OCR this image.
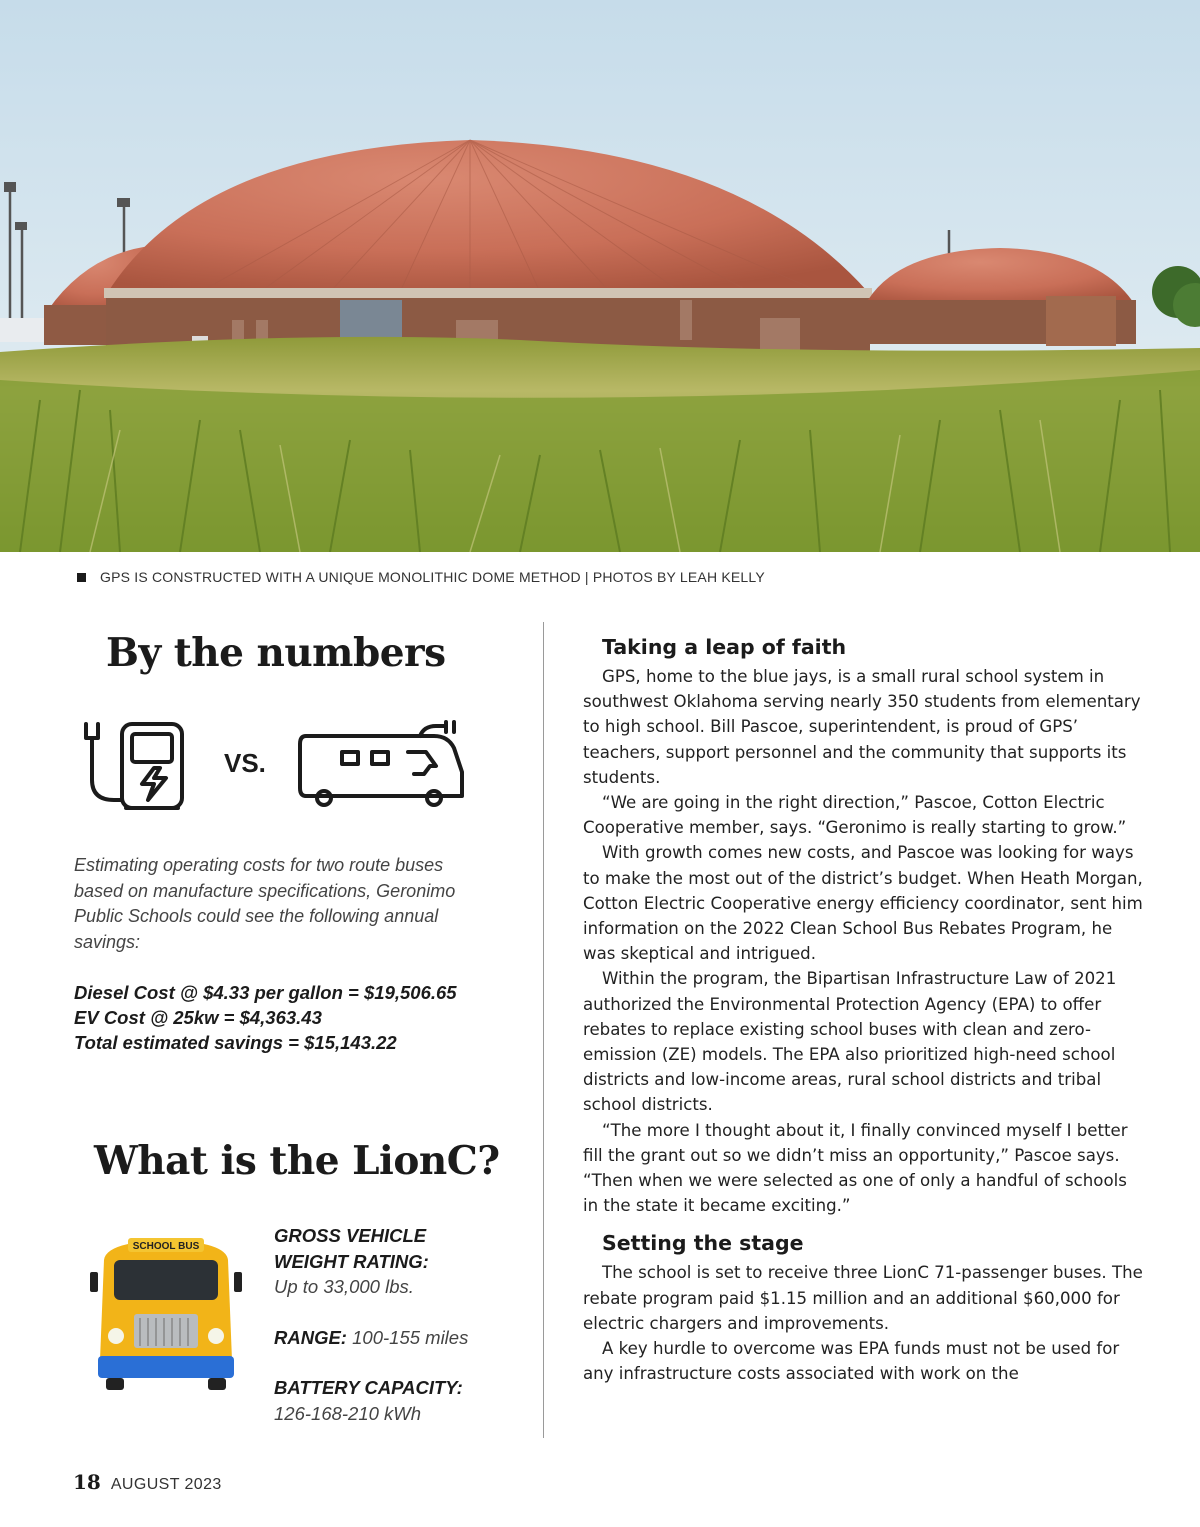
GPS IS CONSTRUCTED WITH A UNIQUE MONOLITHIC DOME METHOD | PHOTOS BY LEAH KELLY
By the numbers
VS.
Estimating operating costs for two route buses based on manufacture specifications, Geronimo Public Schools could see the following annual savings:
Diesel Cost @ $4.33 per gallon = $19,506.65
EV Cost @ 25kw = $4,363.43
Total estimated savings = $15,143.22
What is the LionC?
SCHOOL BUS
GROSS VEHICLE
WEIGHT RATING:
Up to 33,000 lbs.
RANGE: 100-155 miles
BATTERY CAPACITY:
126-168-210 kWh
Taking a leap of faith

GPS, home to the blue jays, is a small rural school system in southwest Oklahoma serving nearly 350 students from elementary to high school. Bill Pascoe, superintendent, is proud of GPS’ teachers, support personnel and the community that supports its students.

“We are going in the right direction,” Pascoe, Cotton Electric Cooperative member, says. “Geronimo is really starting to grow.”

With growth comes new costs, and Pascoe was looking for ways to make the most out of the district’s budget. When Heath Morgan, Cotton Electric Cooperative energy efficiency coordinator, sent him information on the 2022 Clean School Bus Rebates Program, he was skeptical and intrigued.

Within the program, the Bipartisan Infrastructure Law of 2021 authorized the Environmental Protection Agency (EPA) to offer rebates to replace existing school buses with clean and zero-emission (ZE) models. The EPA also prioritized high-need school districts and low-income areas, rural school districts and tribal school districts.

“The more I thought about it, I finally convinced myself I better fill the grant out so we didn’t miss an opportunity,” Pascoe says. “Then when we were selected as one of only a handful of schools in the state it became exciting.”

Setting the stage

The school is set to receive three LionC 71-passenger buses. The rebate program paid $1.15 million and an additional $60,000 for electric chargers and improvements.

A key hurdle to overcome was EPA funds must not be used for any infrastructure costs associated with work on the

18 AUGUST 2023
